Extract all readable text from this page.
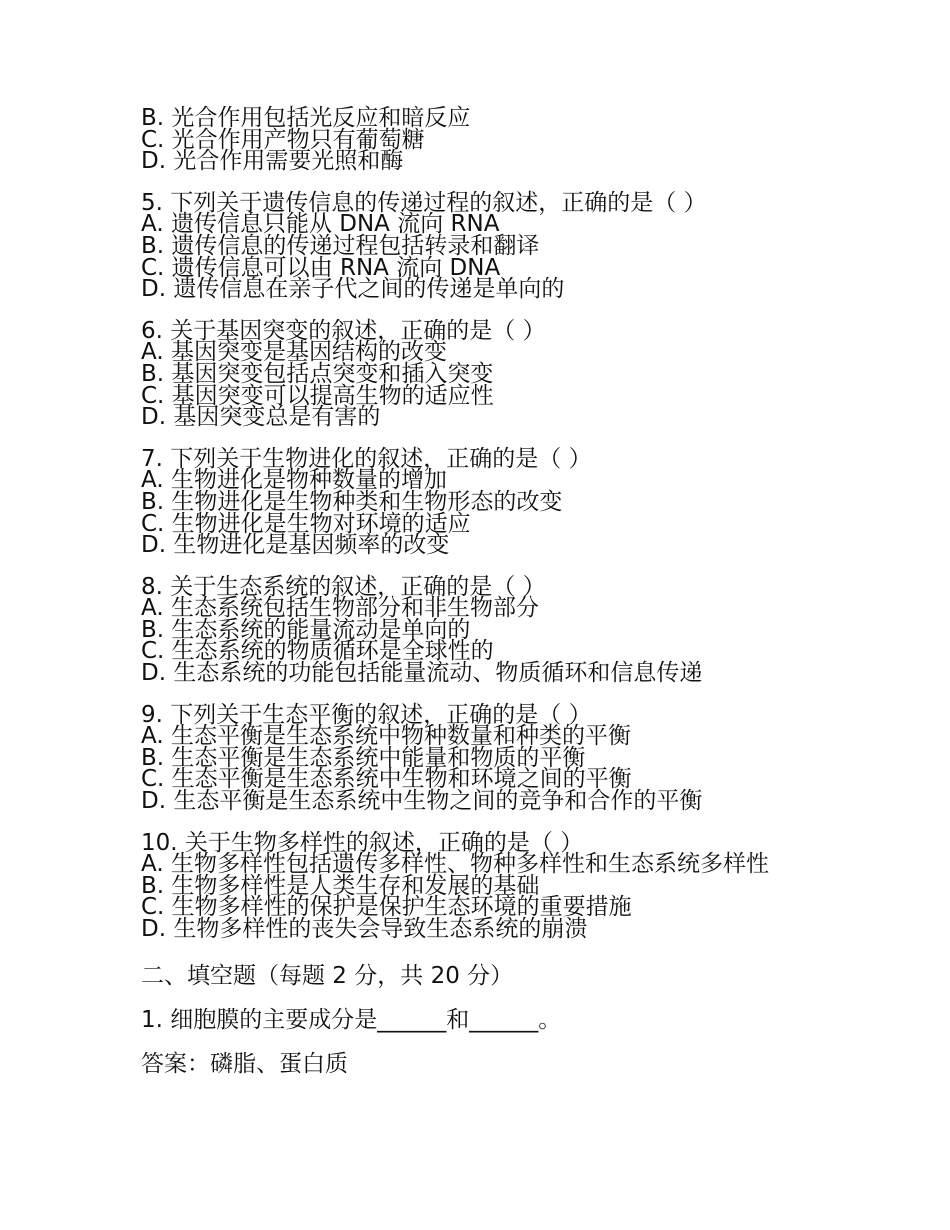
B. 光合作用包括光反应和暗反应
C. 光合作用产物只有葡萄糖
D. 光合作用需要光照和酶
5. 下列关于遗传信息的传递过程的叙述，正确的是（ ）
A. 遗传信息只能从 DNA 流向 RNA
B. 遗传信息的传递过程包括转录和翻译
C. 遗传信息可以由 RNA 流向 DNA
D. 遗传信息在亲子代之间的传递是单向的
6. 关于基因突变的叙述，正确的是（ ）
A. 基因突变是基因结构的改变
B. 基因突变包括点突变和插入突变
C. 基因突变可以提高生物的适应性
D. 基因突变总是有害的
7. 下列关于生物进化的叙述，正确的是（ ）
A. 生物进化是物种数量的增加
B. 生物进化是生物种类和生物形态的改变
C. 生物进化是生物对环境的适应
D. 生物进化是基因频率的改变
8. 关于生态系统的叙述，正确的是（ ）
A. 生态系统包括生物部分和非生物部分
B. 生态系统的能量流动是单向的
C. 生态系统的物质循环是全球性的
D. 生态系统的功能包括能量流动、物质循环和信息传递
9. 下列关于生态平衡的叙述，正确的是（ ）
A. 生态平衡是生态系统中物种数量和种类的平衡
B. 生态平衡是生态系统中能量和物质的平衡
C. 生态平衡是生态系统中生物和环境之间的平衡
D. 生态平衡是生态系统中生物之间的竞争和合作的平衡
10. 关于生物多样性的叙述，正确的是（ ）
A. 生物多样性包括遗传多样性、物种多样性和生态系统多样性
B. 生物多样性是人类生存和发展的基础
C. 生物多样性的保护是保护生态环境的重要措施
D. 生物多样性的丧失会导致生态系统的崩溃
二、填空题（每题 2 分，共 20 分）
1. 细胞膜的主要成分是______和______。
答案：磷脂、蛋白质
